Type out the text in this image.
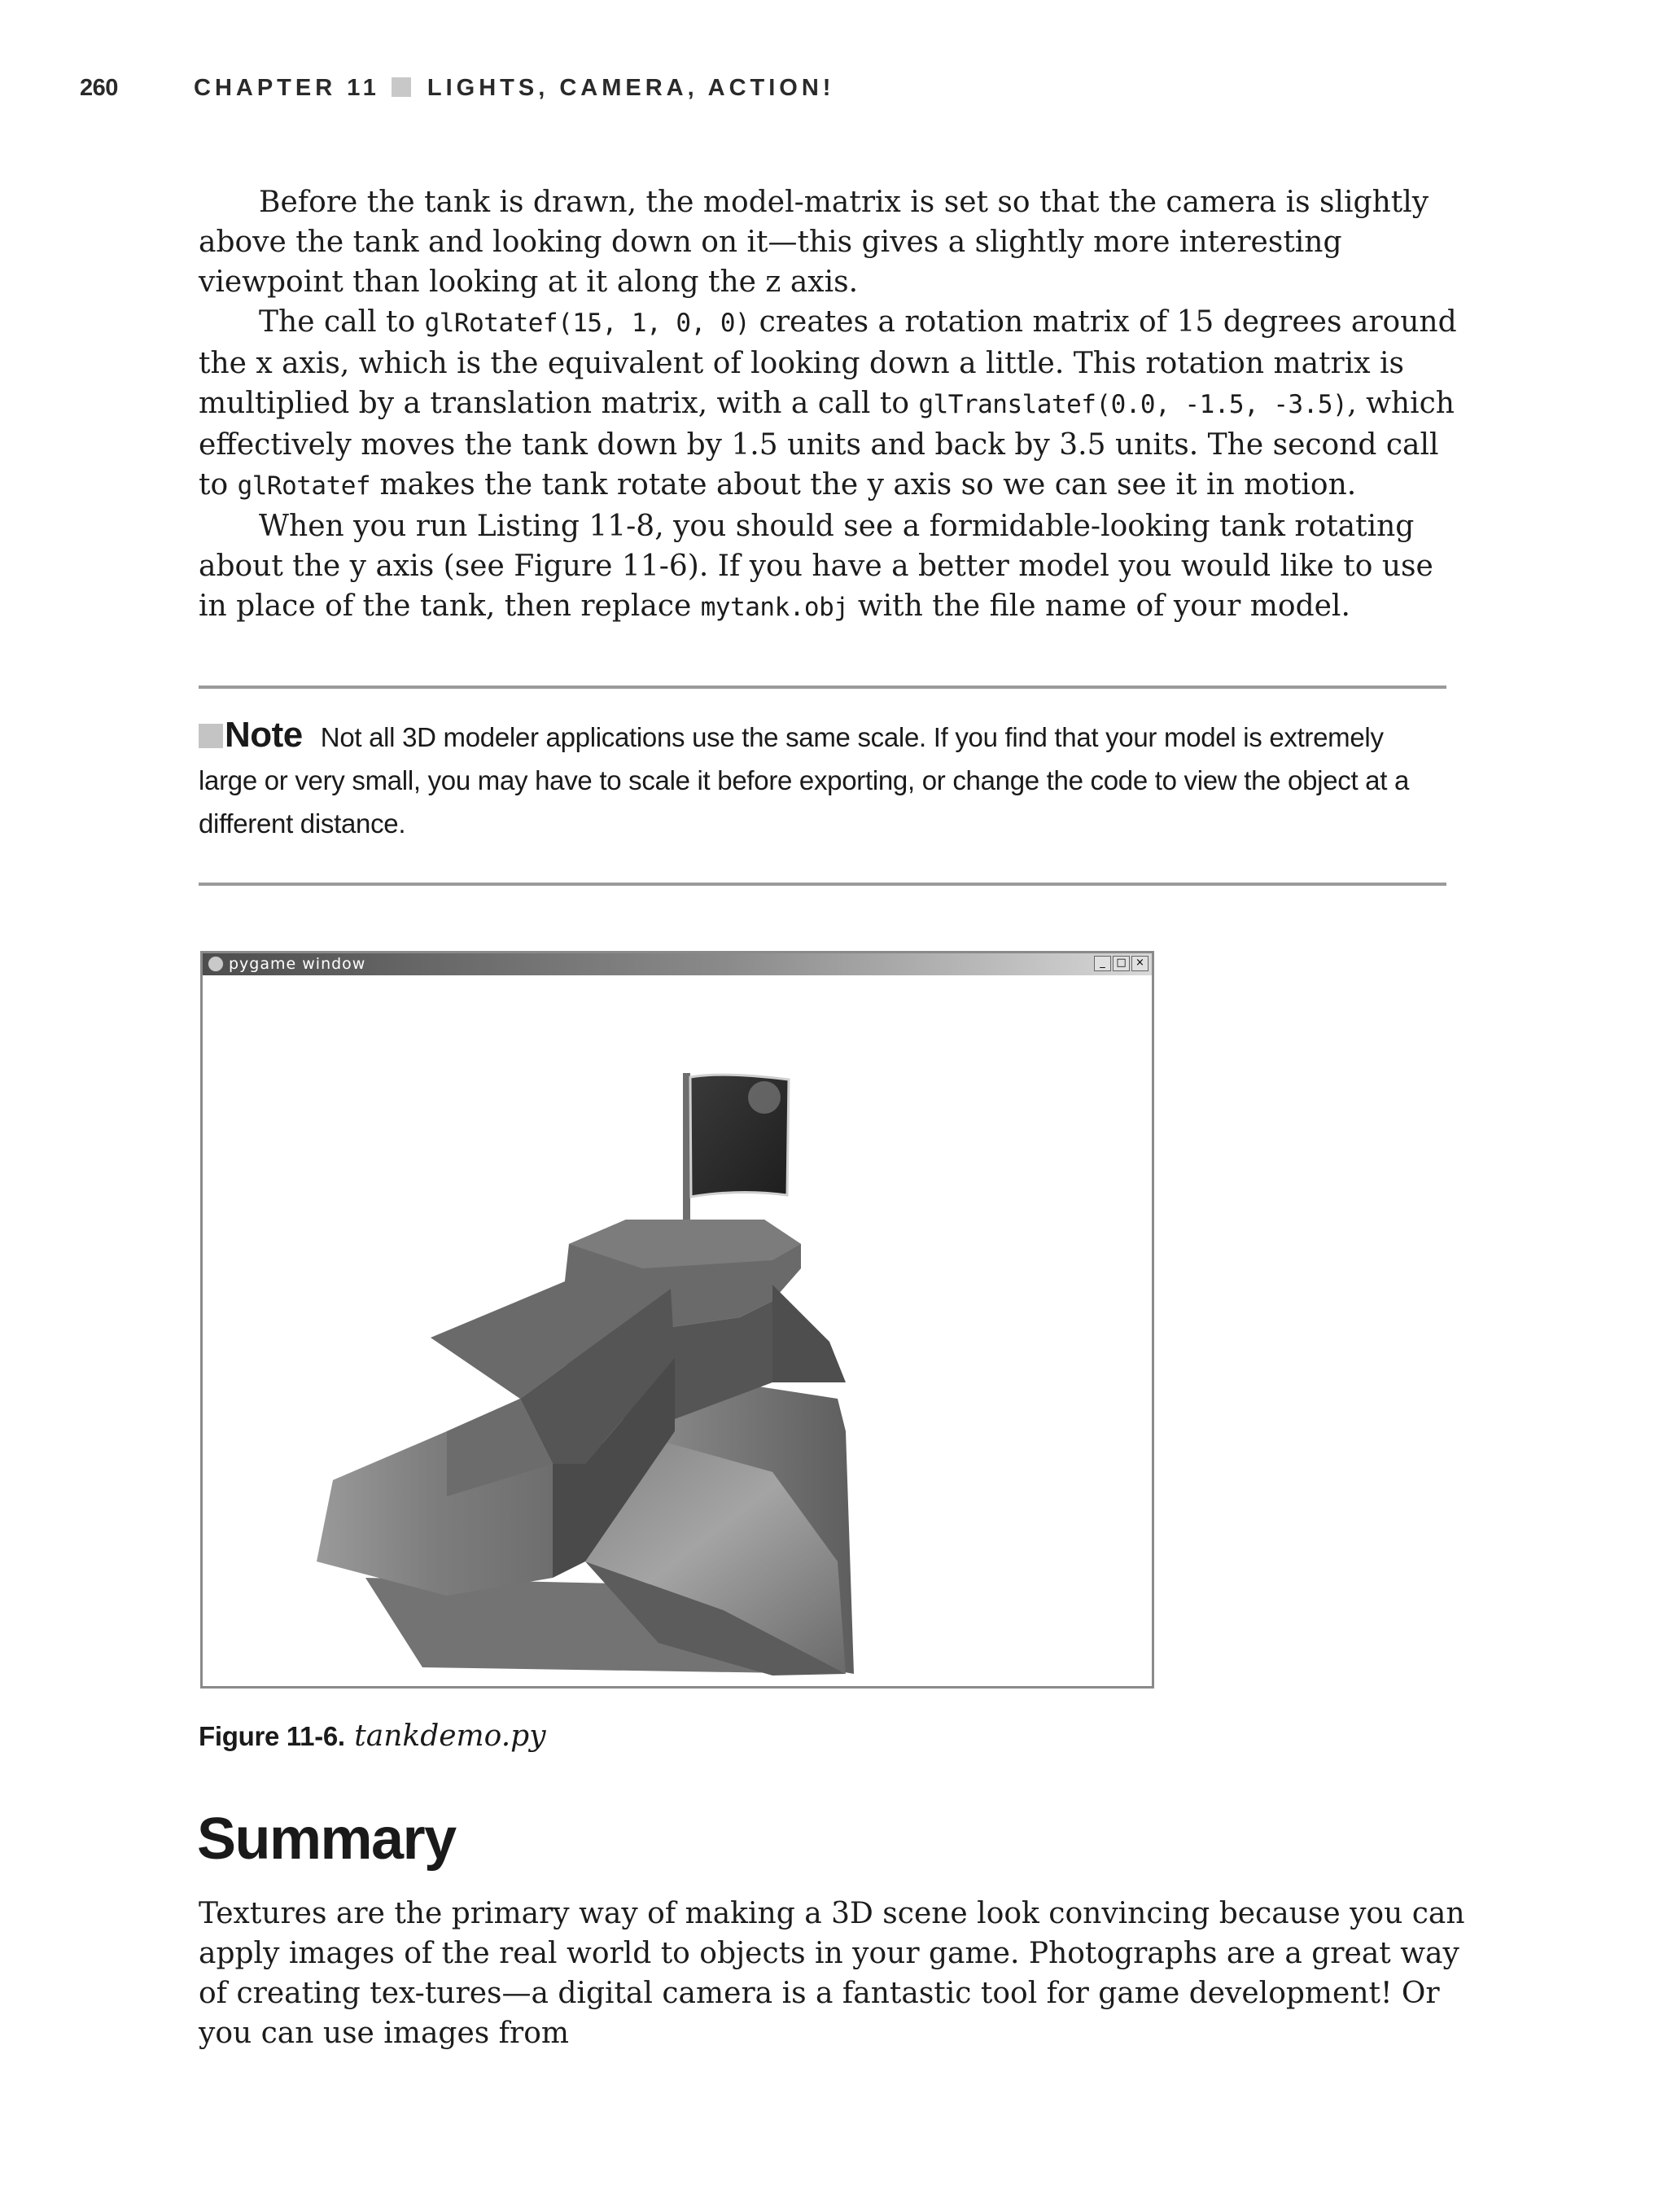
260	CHAPTER 11 LIGHTS, CAMERA, ACTION!

Before the tank is drawn, the model-matrix is set so that the camera is slightly above the tank and looking down on it—this gives a slightly more interesting viewpoint than looking at it along the z axis.

The call to glRotatef(15, 1, 0, 0) creates a rotation matrix of 15 degrees around the x axis, which is the equivalent of looking down a little. This rotation matrix is multiplied by a translation matrix, with a call to glTranslatef(0.0, -1.5, -3.5), which effectively moves the tank down by 1.5 units and back by 3.5 units. The second call to glRotatef makes the tank rotate about the y axis so we can see it in motion.

When you run Listing 11-8, you should see a formidable-looking tank rotating about the y axis (see Figure 11-6). If you have a better model you would like to use in place of the tank, then replace mytank.obj with the file name of your model.

Note Not all 3D modeler applications use the same scale. If you find that your model is extremely large or very small, you may have to scale it before exporting, or change the code to view the object at a different distance.
pygame window	_ □ ×
Figure 11-6. tankdemo.py
Summary

Textures are the primary way of making a 3D scene look convincing because you can apply images of the real world to objects in your game. Photographs are a great way of creating tex-tures—a digital camera is a fantastic tool for game development! Or you can use images from
